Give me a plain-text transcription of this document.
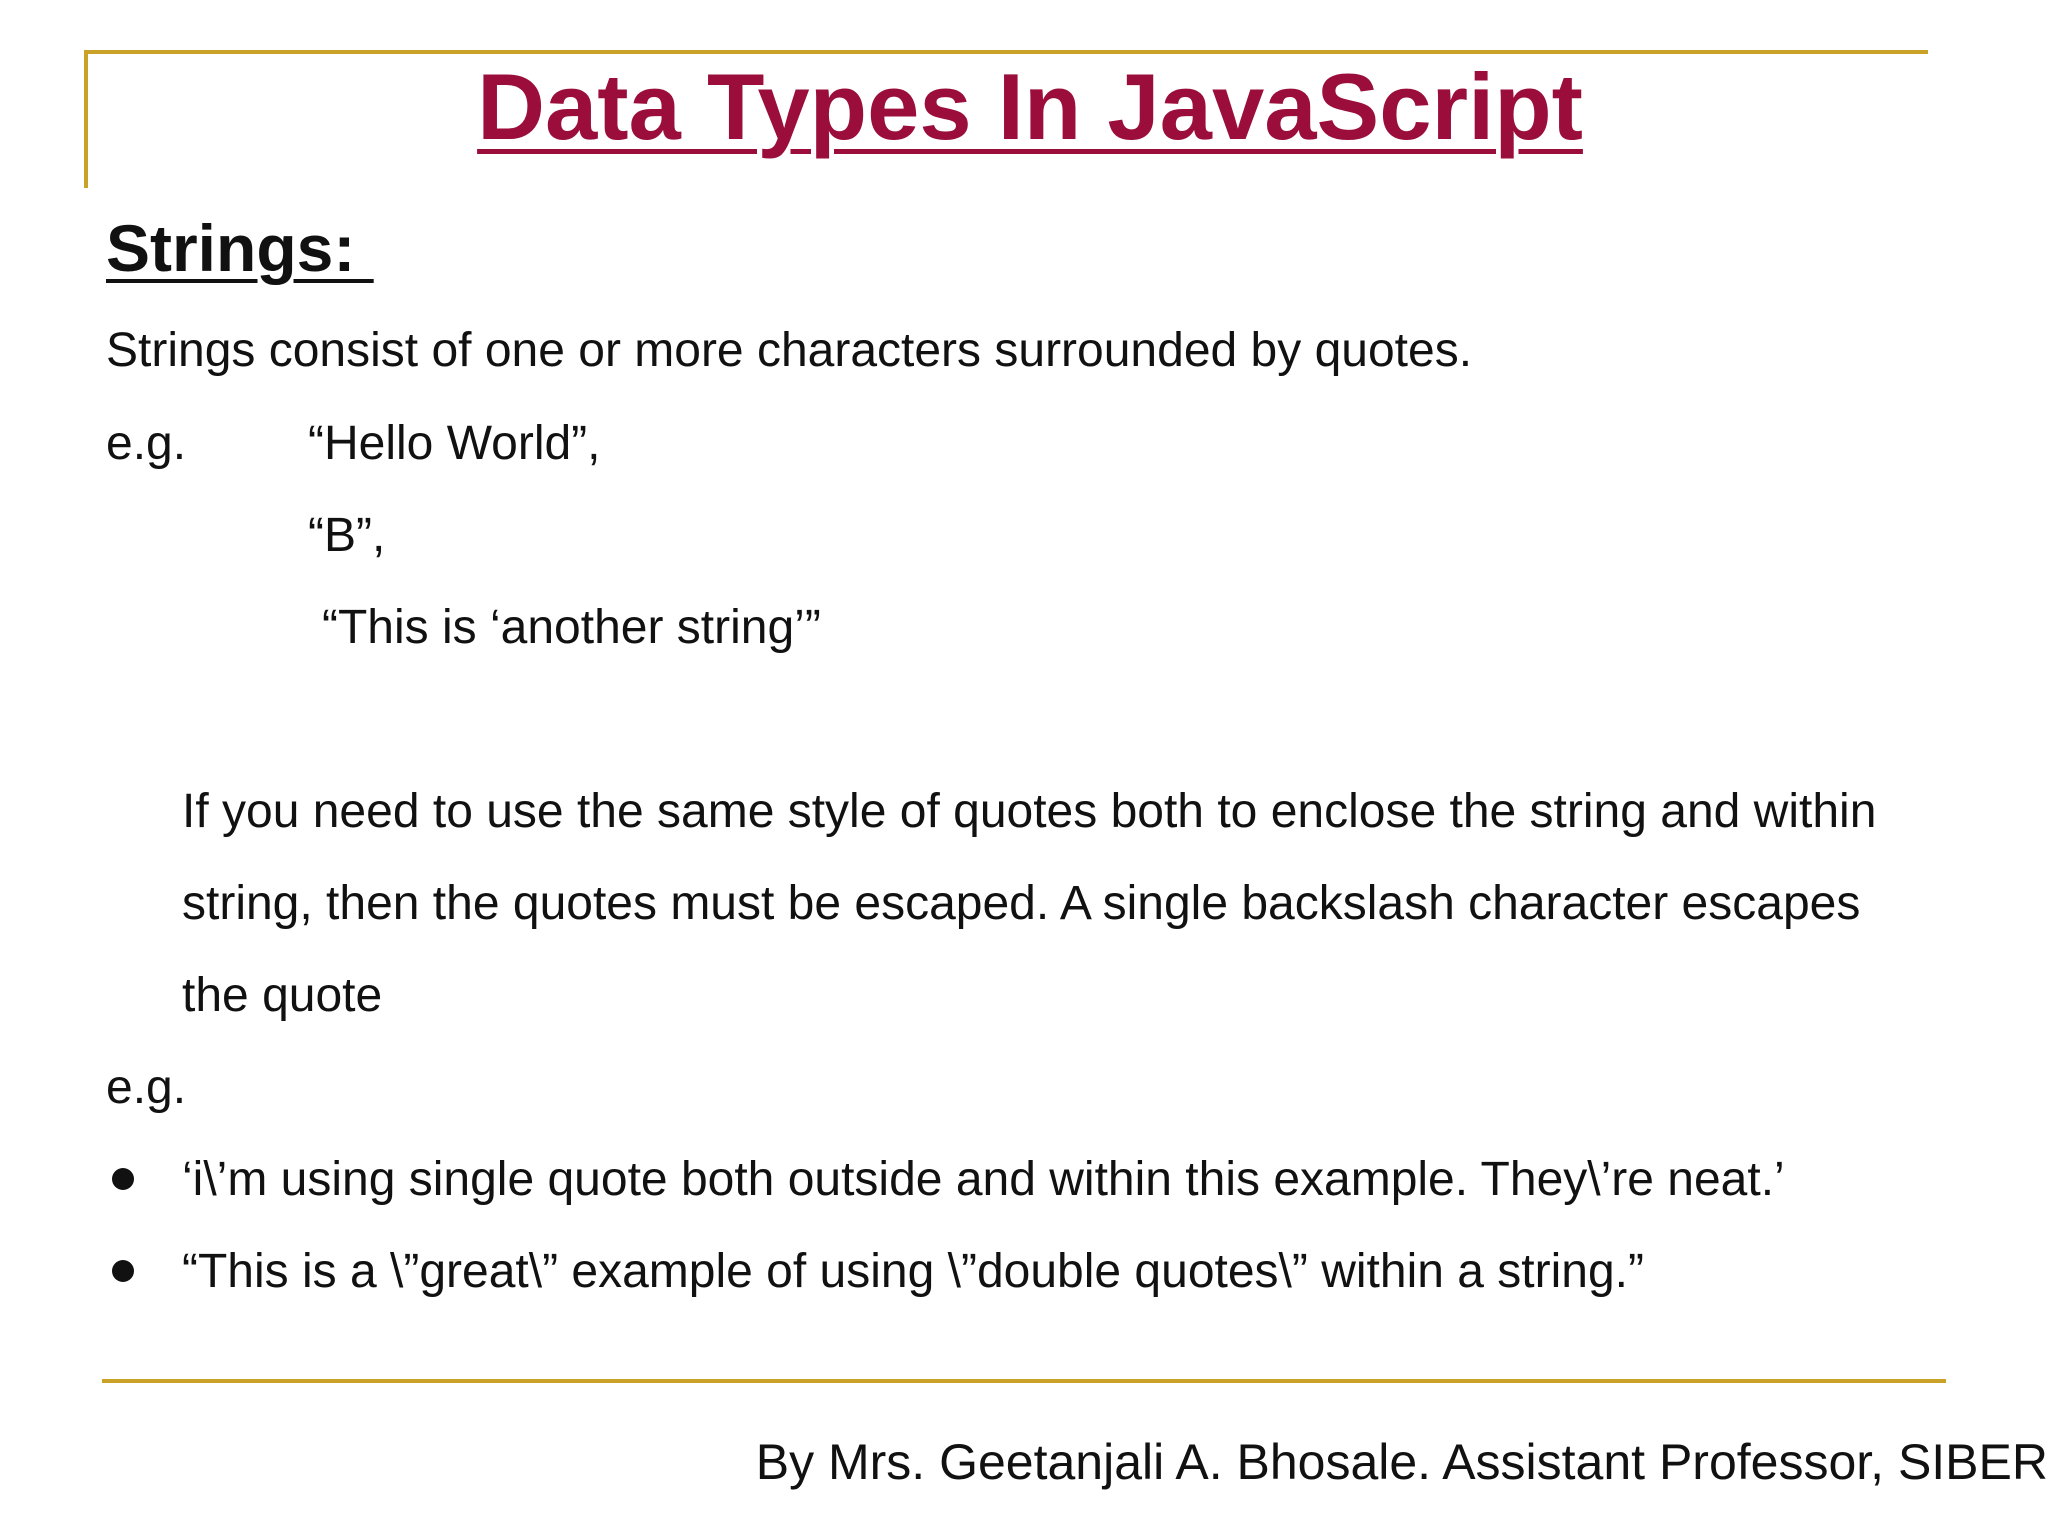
Data Types In JavaScript
Strings:

Strings consist of one or more characters surrounded by quotes.

e.g.	“Hello World”,

“B”,

“This is ‘another string’”

If you need to use the same style of quotes both to enclose the string and within

string, then the quotes must be escaped. A single backslash character escapes

the quote

e.g.

‘i\’m using single quote both outside and within this example. They\’re neat.’

“This is a \”great\” example of using \”double quotes\” within a string.”

By Mrs. Geetanjali A. Bhosale. Assistant Professor, SIBER
